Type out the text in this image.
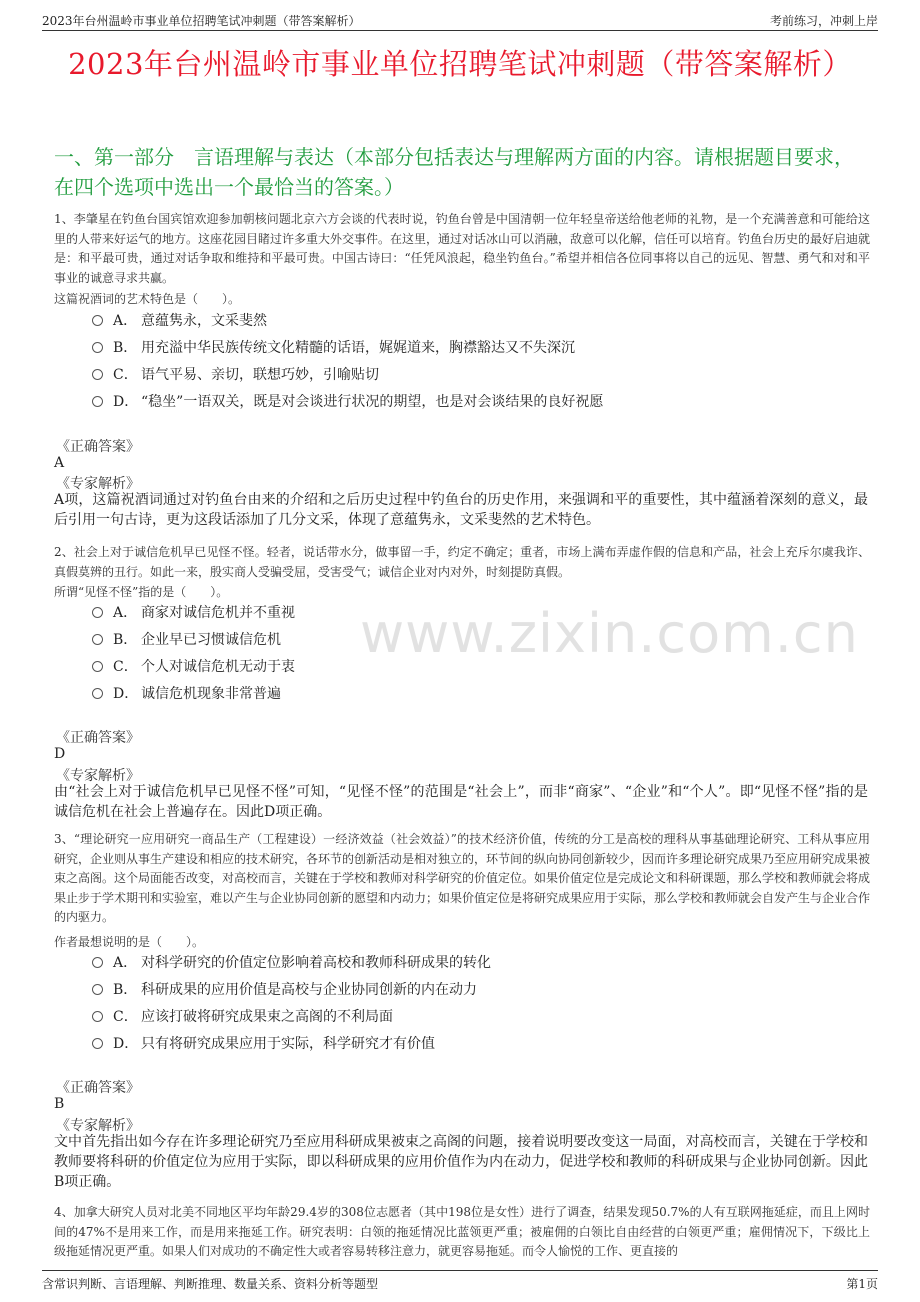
2023年台州温岭市事业单位招聘笔试冲刺题（带答案解析）	考前练习，冲刺上岸
2023年台州温岭市事业单位招聘笔试冲刺题（带答案解析）
一、第一部分　言语理解与表达（本部分包括表达与理解两方面的内容。请根据题目要求，在四个选项中选出一个最恰当的答案。）
www.zixin.com.cn
1、李肇星在钓鱼台国宾馆欢迎参加朝核问题北京六方会谈的代表时说，钓鱼台曾是中国清朝一位年轻皇帝送给他老师的礼物，是一个充满善意和可能给这里的人带来好运气的地方。这座花园目睹过许多重大外交事件。在这里，通过对话冰山可以消融，敌意可以化解，信任可以培育。钓鱼台历史的最好启迪就是：和平最可贵，通过对话争取和维持和平最可贵。中国古诗曰：“任凭风浪起，稳坐钓鱼台。”希望并相信各位同事将以自己的远见、智慧、勇气和对和平事业的诚意寻求共赢。
这篇祝酒词的艺术特色是（　　）。
A． 意蕴隽永，文采斐然
B． 用充溢中华民族传统文化精髓的话语，娓娓道来，胸襟豁达又不失深沉
C． 语气平易、亲切，联想巧妙，引喻贴切
D． “稳坐”一语双关，既是对会谈进行状况的期望，也是对会谈结果的良好祝愿
《正确答案》
A
《专家解析》
A项，这篇祝酒词通过对钓鱼台由来的介绍和之后历史过程中钓鱼台的历史作用，来强调和平的重要性，其中蕴涵着深刻的意义，最后引用一句古诗，更为这段话添加了几分文采，体现了意蕴隽永，文采斐然的艺术特色。
2、社会上对于诚信危机早已见怪不怪。轻者，说话带水分，做事留一手，约定不确定；重者，市场上满布弄虚作假的信息和产品，社会上充斥尔虞我诈、真假莫辨的丑行。如此一来，殷实商人受骗受屈，受害受气；诚信企业对内对外，时刻提防真假。
所谓“见怪不怪”指的是（　　）。
A． 商家对诚信危机并不重视
B． 企业早已习惯诚信危机
C． 个人对诚信危机无动于衷
D． 诚信危机现象非常普遍
《正确答案》
D
《专家解析》
由“社会上对于诚信危机早已见怪不怪”可知，“见怪不怪”的范围是“社会上”，而非“商家”、“企业”和“个人”。即“见怪不怪”指的是诚信危机在社会上普遍存在。因此D项正确。
3、“理论研究一应用研究一商品生产（工程建设）一经济效益（社会效益）”的技术经济价值，传统的分工是高校的理科从事基础理论研究、工科从事应用研究，企业则从事生产建设和相应的技术研究，各环节的创新活动是相对独立的，环节间的纵向协同创新较少，因而许多理论研究成果乃至应用研究成果被束之高阁。这个局面能否改变，对高校而言，关键在于学校和教师对科学研究的价值定位。如果价值定位是完成论文和科研课题，那么学校和教师就会将成果止步于学术期刊和实验室，难以产生与企业协同创新的愿望和内动力；如果价值定位是将研究成果应用于实际，那么学校和教师就会自发产生与企业合作的内驱力。
作者最想说明的是（　　）。
A． 对科学研究的价值定位影响着高校和教师科研成果的转化
B． 科研成果的应用价值是高校与企业协同创新的内在动力
C． 应该打破将研究成果束之高阁的不利局面
D． 只有将研究成果应用于实际，科学研究才有价值
《正确答案》
B
《专家解析》
文中首先指出如今存在许多理论研究乃至应用科研成果被束之高阁的问题，接着说明要改变这一局面，对高校而言，关键在于学校和教师要将科研的价值定位为应用于实际，即以科研成果的应用价值作为内在动力，促进学校和教师的科研成果与企业协同创新。因此B项正确。
4、加拿大研究人员对北美不同地区平均年龄29.4岁的308位志愿者（其中198位是女性）进行了调查，结果发现50.7%的人有互联网拖延症，而且上网时间的47%不是用来工作，而是用来拖延工作。研究表明：白领的拖延情况比蓝领更严重；被雇佣的白领比自由经营的白领更严重；雇佣情况下，下级比上级拖延情况更严重。如果人们对成功的不确定性大或者容易转移注意力，就更容易拖延。而令人愉悦的工作、更直接的
含常识判断、言语理解、判断推理、数量关系、资料分析等题型	第1页
